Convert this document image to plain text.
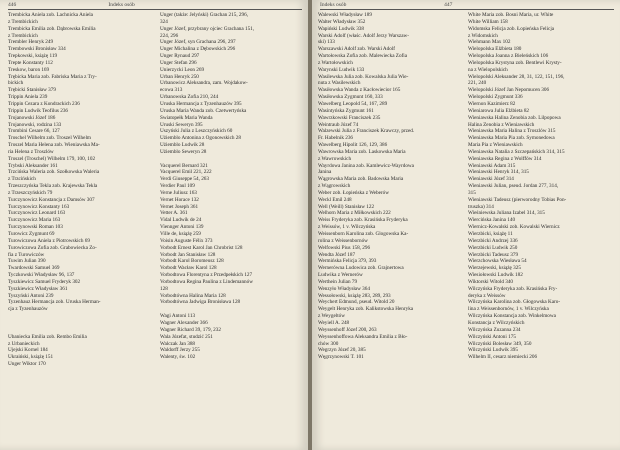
446	Indeks osób
Trembicka Aniela zob. Lachnicka Aniela
z Trembickich
Trembicka Emilia zob. Dąbrowska Emilia
z Trembickich
Trembler Henryk 249
Trembowski Bronisław 334
Trepkowski, książę 119
Trepte Konstanty 112
Treskow, baron 169
Trębicka Maria zob. Fabriska Maria z Try-
bickich
Trębicki Stanisław 379
Trippin Aniela 239
Trippin Cezara z Kondrackich 236
Trippin Ludwik Teofilus 236
Trojanowski Józef 186
Trojanowski, rodzina 133
Trombini Cesare 66, 127
Troschel Wilhelm zob. Troszel Wilhelm
Troszel Maria Helena zob. Wieniawska Ma-
ria Helena z Troszlów
Troszel (Troschel) Wilhelm 179, 100, 102
Trybski Aleksander 161
Trzcińska Waleria zob. Szołkowska Waleria
z Trzcińskich
Trzeszczyńska Tekla zob. Krajewska Tekla
z Trzeszczyńskich 79
Turczynowicz Konstancja z Damsów 307
Turczynowicz Konstanty 163
Turczynowicz Leonard 163
Turczynowicz Maria 163
Turczynowski Roman 103
Turowicz Zygmunt 69
Turowiczowa Aniela z Piotrowskich 69
Turowiczowa Zofia zob. Grabowiecka Zo-
fia z Turowiczów
Tuwim Julian 390
Twardowski Samuel 369
Tyczkowski Władysław 96, 137
Tyszkiewicz Samuel Fryderyk 302
Tyszkiewicz Władysław 361
Tyszyński Antoni 239
Tyzenhauz Hermancja zob. Uruska Herman-
cja z Tyzenhauzów
Ubaniecka Emilia zob. Rembo Emilia
z Urbanieckich
Ujejski Kornel 184
Ukraiński, książę 151
Unger Wiktor 170
Unger (także: Jelyński) Grachan 215, 296,
324
Unger Józef, przybrany ojciec Grachana 151,
224, 296
Unger Józef, syn Grachana 296, 297
Unger Michalina z Dębowskich 296
Unger Rynaud 297
Unger Stefan 296
Unierzycki Leon 269
Urban Henryk 250
Urbanowicz Aleksandra, zam. Wojdakow-
ecowa 313
Urbanowska Zofia 210, 244
Uruska Hermancja z Tyzenhauzów 395
Uruska Maria Wanda zob. Czetwertyńska
Światopełk Maria Wanda
Uruski Seweryn 395
Uszyński Julia z Leszczyńskich 60
Użiemblo Antonina z Ogonowskich 28
Użiemblo Ludwik 28
Użiemblo Seweryn 28
Vacquerel Bernard 321
Vacquerel Emil 221, 222
Verdi Giuseppe 54, 263
Verdier Paul 109
Verne Juliusz 163
Vernet Horace 132
Vernet Joseph 361
Vetter A. 361
Vidal Ludwik de 24
Viennger Antoni 139
Ville de, książę 259
Voisin Auguste Félix 373
Vorbodt Ernest Karol Jan Chrobrist 128
Vorbodt Jan Stanisław 128
Vorbodt Karol Boromeusz 128
Vorbodt Wacław Karol 128
Vorbodtowa Florentyna z Przedpełskich 127
Vorbodtowa Regina Paulina z Lindemannów
128
Vorbodtówna Halina Maria 128
Vorbodtówna Jadwiga Bronisława 128
Wagi Antoni 113
Wagner Alexander 366
Wagner Richard 39, 179, 232
Wala Józefat, studzić 251
Walczak Jan 388
Waldorff Jerzy 255
Walenty, św. 102
Indeks osób	447
Walewski Władysław 189
Walter Władysław 352
Wapiński Ludwik 338
Warski Adolf (właśc. Adolf Jerzy Warszaw-
ski) 133
Warszawski Adolf zob. Warski Adolf
Wartołowska Zofia zob. Malewiecka Zofia
z Wartołowskich
Warynski Ludwik 133
Wasilewska Julia zob. Kowalska Julia Wie-
nuta z Wasilewskich
Wasiłowska Wanda z Kacłowiecior 165
Wasiłowska Zygmunt 160, 333
Wawelberg Leopold 54, 167, 289
Wasintyńska Zygmunt 161
Wawrzkowski Franciszek 235
Weintraub Józef 74
Walzewski Julia z Franciszek Krawczy, przed.
Fr. Habelnik 236
Wawelberg Hipolit 126, 129, 386
Wawrowska Maria zob. Laskowska Maria
z Wawrowskich
Wayrdowa Janina zob. Kamlewicz-Wayrdowa
Janina
Wągrowska Maria zob. Badowska Maria
z Wągrowskich
Weber zob. Łopieńska z Weberów
Weckl Emil 248
Well (Weill) Stanisław 122
Welhorn Maria z Miłkowskich 222
Weiss Fryderyka zob. Krasińska Fryderyka
z Weissów, 1 v. Wilczyńska
Weissenborn Karolina zob. Glogowska Ka-
rolina z Weissenbornów
Welfowski Pius 158, 296
Wendta Józef 187
Wermińska Felicja 379, 393
Wernerówna Ludowica zob. Grajnertowa
Ludwika z Wernerów
Werthein Julian 79
Wenzyło Władysław 364
Wessołowski, książę 283, 289, 293
Weychert Edmund, pseud. Witold 20
Weygelt Henryka zob. Kalikstowska Henryka
z Weygeltów
Weyiell A. 248
Weyssenhoff Józef 200, 263
Weyssenhoffowa Aleksandra Emilia z Bło-
chów 300
Wegrzyn Józef 20, 385
Węgrzynowski T. 101
White Maria zob. Bosni Maria, ur. White
White William 158
Widomska Felicja zob. Łopieńska Felicja
z Widomskich
Wiehmann Max 102
Wielopolska Elżbieta 180
Wielopolska Joanna z Bieleńskich 106
Wielopolska Krystyna zob. Bentlewi Krysty-
na z Wielopolskich
Wielopolski Aleksander 28, 31, 122, 151, 196,
221, 240
Wielopolski Józef Jan Nepomucen 306
Wielopolski Zygmunt 336
Wiernon Kazimierz 82
Wieniarowa Julia Elżbieta 82
Wieniawska Halina Zenobia zob. Lilpopowa
Halina Zenobia z Wieniawskich
Wieniawska Maria Halina z Troszlów 315
Wieniawska Maria Pia zob. Symonedowa
Maria Pia z Wieniawskich
Wieniawska Natalia z Szczepańskich 314, 315
Wieniawska Regina z Wolffów 314
Wieniawski Adam 315
Wieniawski Henryk 314, 315
Wieniawski Józef 314
Wieniawski Julian, pseud. Jordan 277, 314,
315
Wieniawski Tadeusz (pierworodny Tobias Pon-
truszka) 314
Wieśniewska Juliana Izabel 314, 315
Wiercińska Janina 140
Wiernicz-Kowalski zob. Kowalski Wiernicz
Wierzbicki, książę 11
Wierzbicki Andrzej 336
Wierzbicki Ludwik 250
Wierzbicki Tadeusz 379
Wierzchowska Wiesława 54
Wierzejewski, książę 325
Wiesiołowski Ludwik 182
Wiktorski Witold 340
Wilczyńska Fryderyka zob. Krasińska Fry-
deryka z Weissów
Wilczyńska Karolina zob. Głogowska Karo-
lina z Weissenbornów, 1 v. Wilczyńska
Wilczyńska Konstancja zob. Winkelmowa
Konstancja z Wilczyńskich
Wilczyńska Zuzanna 234
Wilczyński Antoni 175
Wilczyński Bolesław 349, 350
Wilczyński Ludwik 395
Wilhelm II, cesarz niemiecki 206
